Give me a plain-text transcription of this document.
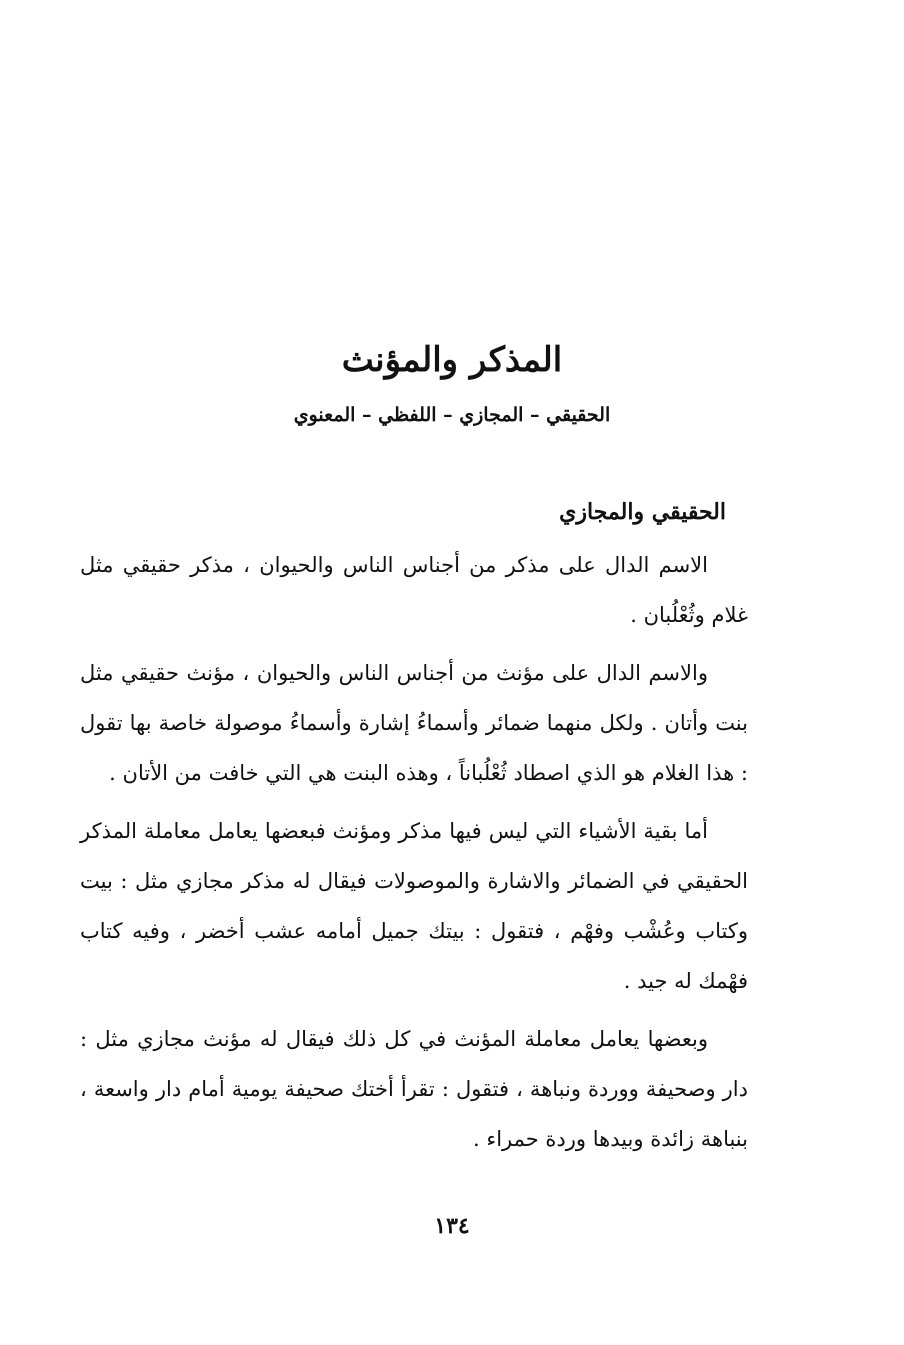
المذكر والمؤنث
الحقيقي – المجازي – اللفظي – المعنوي
الحقيقي والمجازي

الاسم الدال على مذكر من أجناس الناس والحيوان ، مذكر حقيقي مثل غلام وثُعْلُبان .

والاسم الدال على مؤنث من أجناس الناس والحيوان ، مؤنث حقيقي مثل بنت وأتان . ولكل منهما ضمائر وأسماءُ إشارة وأسماءُ موصولة خاصة بها تقول : هذا الغلام هو الذي اصطاد ثُعْلُباناً ، وهذه البنت هي التي خافت من الأتان .

أما بقية الأشياء التي ليس فيها مذكر ومؤنث فبعضها يعامل معاملة المذكر الحقيقي في الضمائر والاشارة والموصولات فيقال له مذكر مجازي مثل : بيت وكتاب وعُشْب وفهْم ، فتقول : بيتك جميل أمامه عشب أخضر ، وفيه كتاب فهْمك له جيد .

وبعضها يعامل معاملة المؤنث في كل ذلك فيقال له مؤنث مجازي مثل : دار وصحيفة ووردة ونباهة ، فتقول : تقرأ أختك صحيفة يومية أمام دار واسعة ، بنباهة زائدة وبيدها وردة حمراء .

١٣٤
